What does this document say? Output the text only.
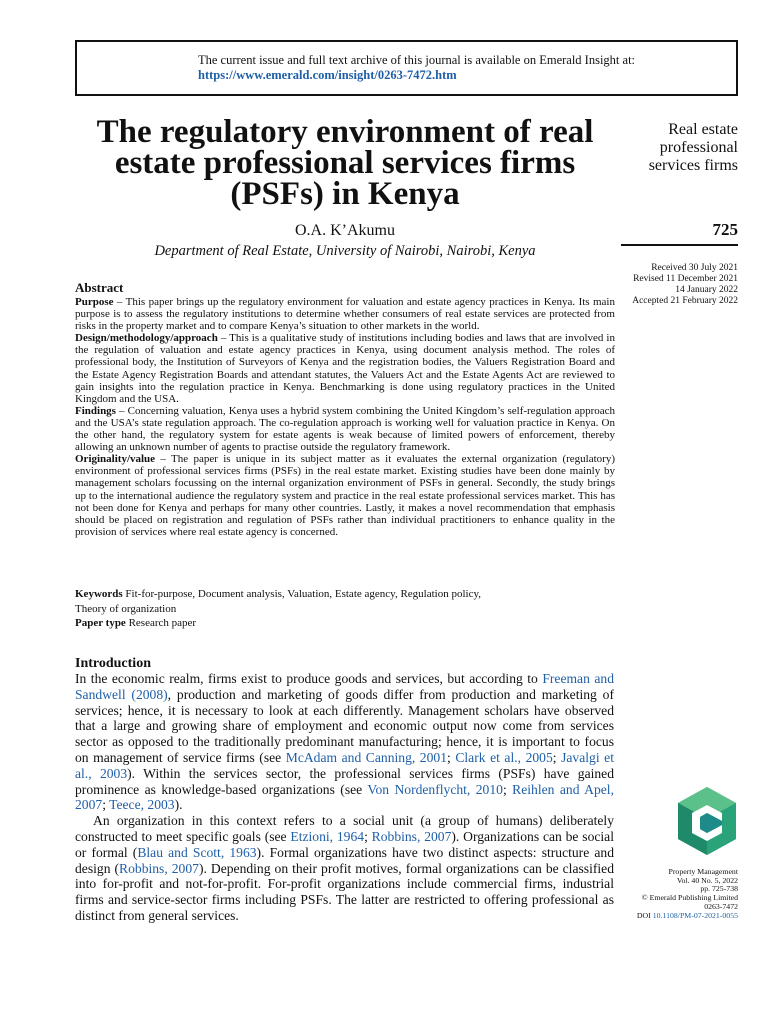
The current issue and full text archive of this journal is available on Emerald Insight at:
https://www.emerald.com/insight/0263-7472.htm
The regulatory environment of real estate professional services firms (PSFs) in Kenya
O.A. K’Akumu
Department of Real Estate, University of Nairobi, Nairobi, Kenya
Real estate professional services firms
725
Received 30 July 2021
Revised 11 December 2021
14 January 2022
Accepted 21 February 2022
Abstract

Purpose – This paper brings up the regulatory environment for valuation and estate agency practices in Kenya. Its main purpose is to assess the regulatory institutions to determine whether consumers of real estate services are protected from risks in the property market and to compare Kenya’s situation to other markets in the world.

Design/methodology/approach – This is a qualitative study of institutions including bodies and laws that are involved in the regulation of valuation and estate agency practices in Kenya, using document analysis method. The roles of professional body, the Institution of Surveyors of Kenya and the registration bodies, the Valuers Registration Board and the Estate Agency Registration Boards and attendant statutes, the Valuers Act and the Estate Agents Act are reviewed to gain insights into the regulation practice in Kenya. Benchmarking is done using regulatory practices in the United Kingdom and the USA.

Findings – Concerning valuation, Kenya uses a hybrid system combining the United Kingdom’s self-regulation approach and the USA’s state regulation approach. The co-regulation approach is working well for valuation practice in Kenya. On the other hand, the regulatory system for estate agents is weak because of limited powers of enforcement, thereby allowing an unknown number of agents to practise outside the regulatory framework.

Originality/value – The paper is unique in its subject matter as it evaluates the external organization (regulatory) environment of professional services firms (PSFs) in the real estate market. Existing studies have been done mainly by management scholars focussing on the internal organization environment of PSFs in general. Secondly, the study brings up to the international audience the regulatory system and practice in the real estate professional services market. This has not been done for Kenya and perhaps for many other countries. Lastly, it makes a novel recommendation that emphasis should be placed on registration and regulation of PSFs rather than individual practitioners to enhance quality in the provision of services where real estate agency is concerned.

Keywords Fit-for-purpose, Document analysis, Valuation, Estate agency, Regulation policy,

Theory of organization

Paper type Research paper
Introduction

In the economic realm, firms exist to produce goods and services, but according to Freeman and Sandwell (2008), production and marketing of goods differ from production and marketing of services; hence, it is necessary to look at each differently. Management scholars have observed that a large and growing share of employment and economic output now come from services sector as opposed to the traditionally predominant manufacturing; hence, it is important to focus on management of service firms (see McAdam and Canning, 2001; Clark et al., 2005; Javalgi et al., 2003). Within the services sector, the professional services firms (PSFs) have gained prominence as knowledge-based organizations (see Von Nordenflycht, 2010; Reihlen and Apel, 2007; Teece, 2003).

An organization in this context refers to a social unit (a group of humans) deliberately constructed to meet specific goals (see Etzioni, 1964; Robbins, 2007). Organizations can be social or formal (Blau and Scott, 1963). Formal organizations have two distinct aspects: structure and design (Robbins, 2007). Depending on their profit motives, formal organizations can be classified into for-profit and not-for-profit. For-profit organizations include commercial firms, industrial firms and service-sector firms including PSFs. The latter are restricted to offering professional as distinct from general services.

Property Management
Vol. 40 No. 5, 2022
pp. 725-738
© Emerald Publishing Limited
0263-7472
DOI 10.1108/PM-07-2021-0055
